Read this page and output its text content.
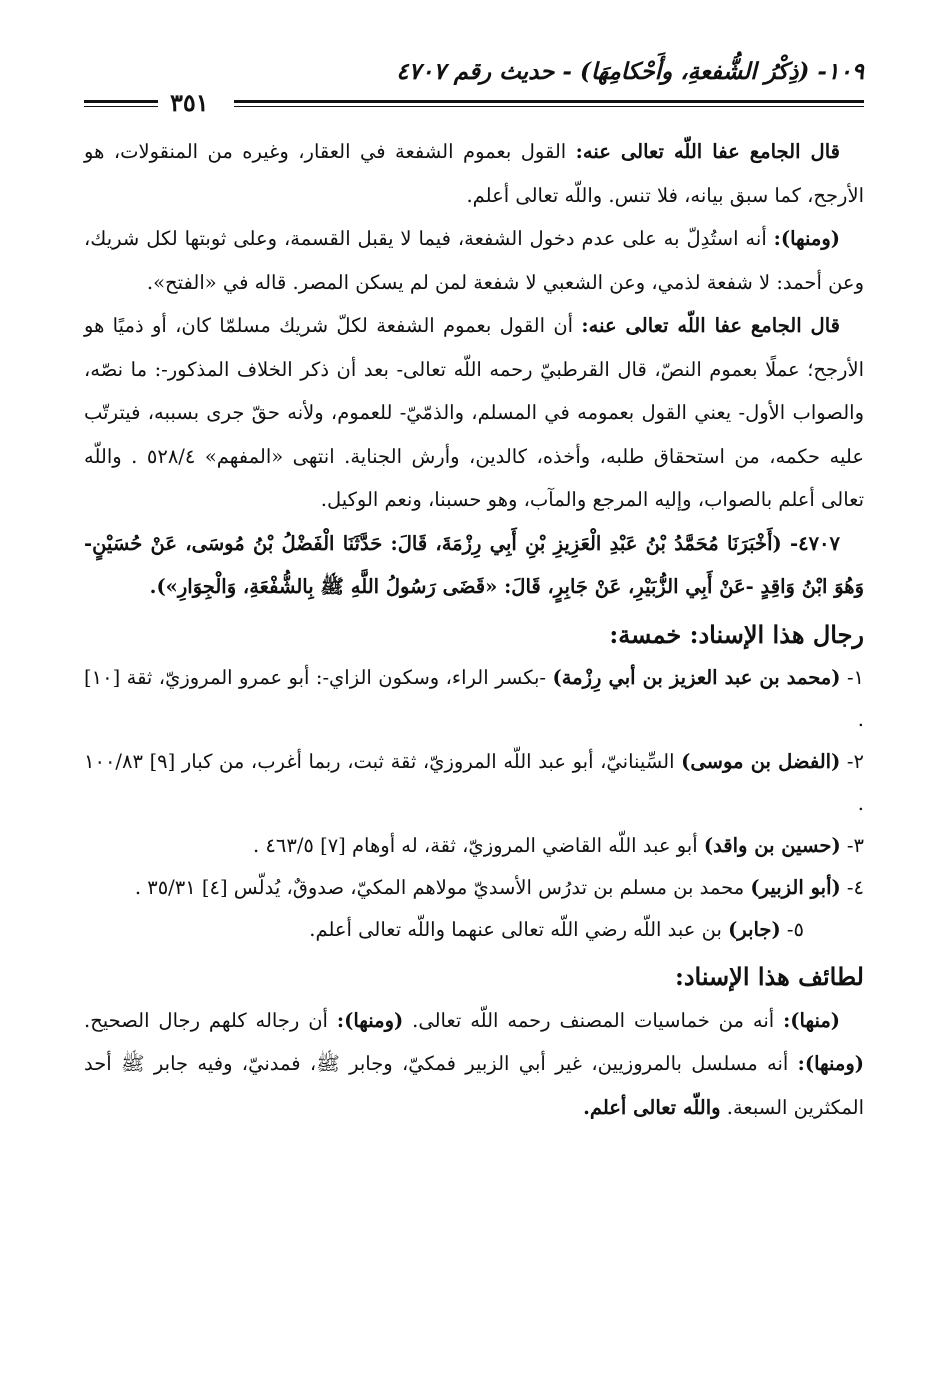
١٠٩- (ذِكْرُ الشُّفعةِ، وأَحْكامِهَا) - حديث رقم ٤٧٠٧
٣٥١

قال الجامع عفا اللّه تعالى عنه: القول بعموم الشفعة في العقار، وغيره من المنقولات، هو الأرجح، كما سبق بيانه، فلا تنس. واللّه تعالى أعلم.

(ومنها): أنه استُدِلّ به على عدم دخول الشفعة، فيما لا يقبل القسمة، وعلى ثوبتها لكل شريك، وعن أحمد: لا شفعة لذمي، وعن الشعبي لا شفعة لمن لم يسكن المصر. قاله في «الفتح».

قال الجامع عفا اللّه تعالى عنه: أن القول بعموم الشفعة لكلّ شريك مسلمّا كان، أو ذميًا هو الأرجح؛ عملًا بعموم النصّ، قال القرطبيّ رحمه اللّه تعالى- بعد أن ذكر الخلاف المذكور-: ما نصّه، والصواب الأول- يعني القول بعمومه في المسلم، والذمّيّ- للعموم، ولأنه حقّ جرى بسببه، فيترتّب عليه حكمه، من استحقاق طلبه، وأخذه، كالدين، وأرش الجناية. انتهى «المفهم» ٥٢٨/٤ . واللّه تعالى أعلم بالصواب، وإليه المرجع والمآب، وهو حسبنا، ونعم الوكيل.

٤٧٠٧- (أَخْبَرَنَا مُحَمَّدُ بْنُ عَبْدِ الْعَزِيزِ بْنِ أَبِي رِزْمَةَ، قَالَ: حَدَّثَنَا الْفَضْلُ بْنُ مُوسَى، عَنْ حُسَيْنٍ- وَهُوَ ابْنُ وَاقِدٍ -عَنْ أَبِي الزُّبَيْرِ، عَنْ جَابِرٍ، قَالَ: «قَضَى رَسُولُ اللَّهِ ﷺ بِالشُّفْعَةِ، وَالْجِوَارِ»).

رجال هذا الإسناد: خمسة:
١- (محمد بن عبد العزيز بن أبي رِزْمة) -بكسر الراء، وسكون الزاي-: أبو عمرو المروزيّ، ثقة [١٠] .
٢- (الفضل بن موسى) السِّينانيّ، أبو عبد اللّه المروزيّ، ثقة ثبت، ربما أغرب، من كبار [٩] ١٠٠/٨٣ .
٣- (حسين بن واقد) أبو عبد اللّه القاضي المروزيّ، ثقة، له أوهام [٧] ٤٦٣/٥ .
٤- (أبو الزبير) محمد بن مسلم بن تدرُس الأسديّ مولاهم المكيّ، صدوقٌ، يُدلّس [٤] ٣٥/٣١ .
٥- (جابر) بن عبد اللّه رضي اللّه تعالى عنهما واللّه تعالى أعلم.
لطائف هذا الإسناد:

(منها): أنه من خماسيات المصنف رحمه اللّه تعالى. (ومنها): أن رجاله كلهم رجال الصحيح. (ومنها): أنه مسلسل بالمروزيين، غير أبي الزبير فمكيّ، وجابر ﷺ، فمدنيّ، وفيه جابر ﷺ أحد المكثرين السبعة. واللّه تعالى أعلم.
